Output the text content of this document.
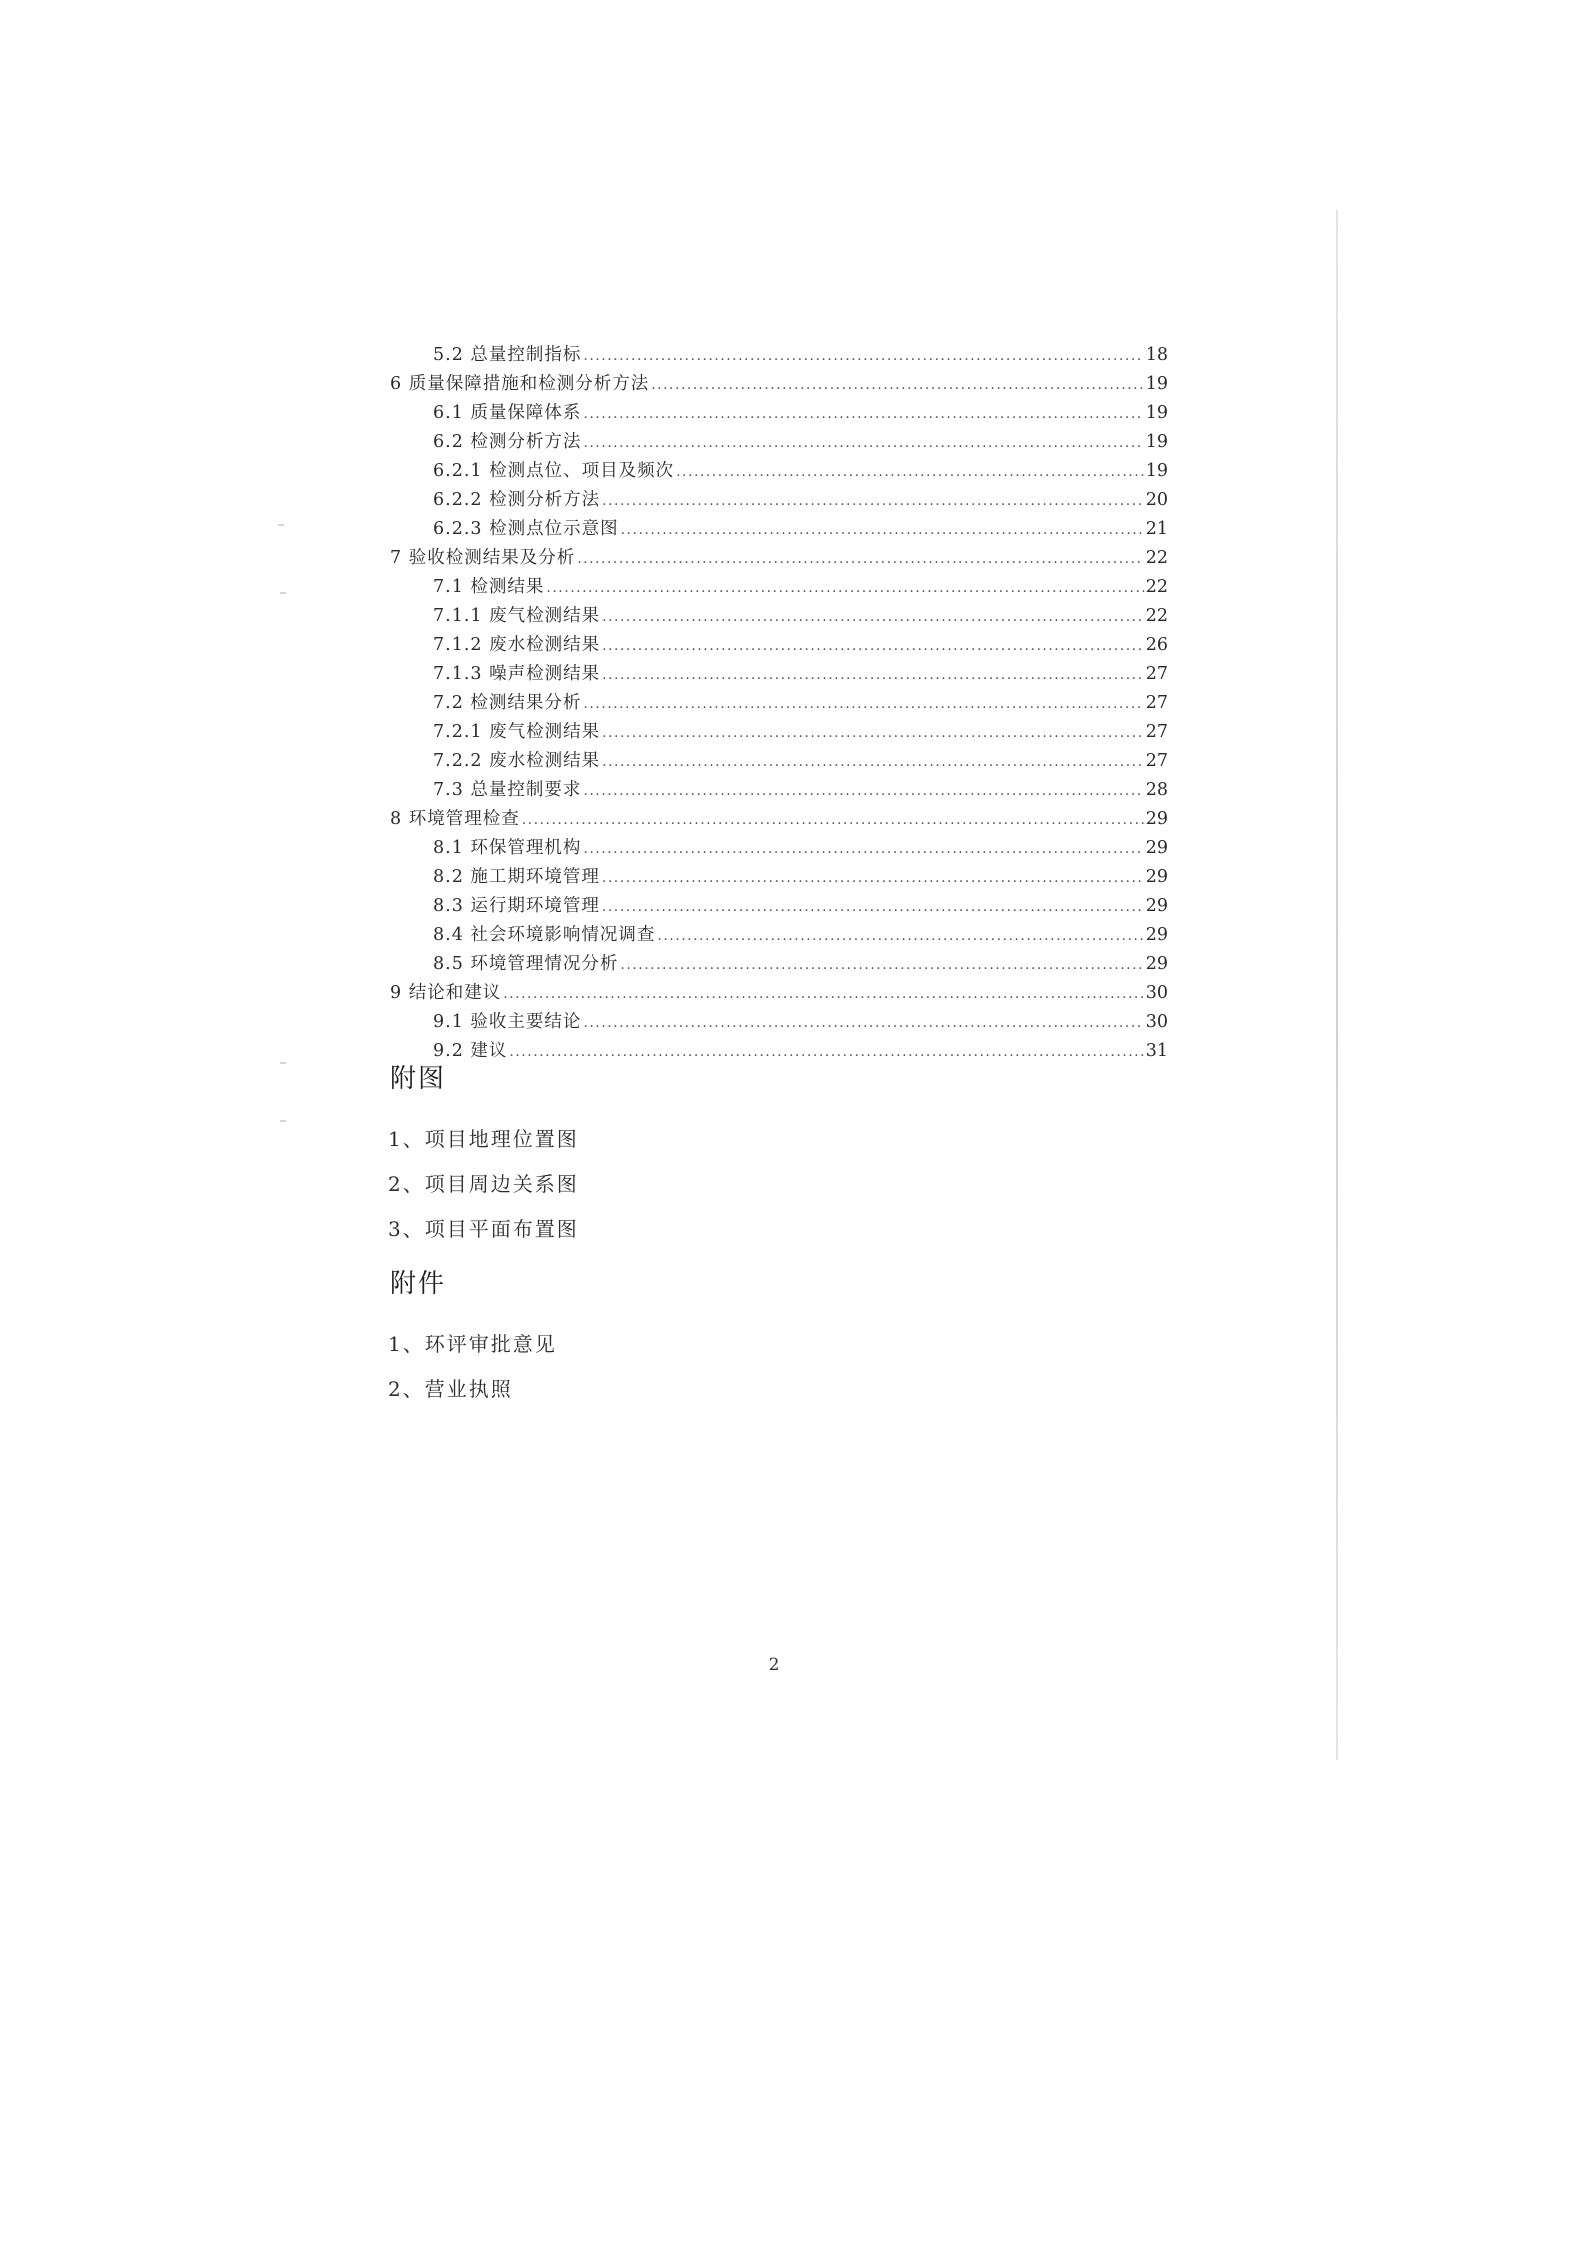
5.2 总量控制指标 .....	18
6 质量保障措施和检测分析方法 .....	19
6.1 质量保障体系 .....	19
6.2 检测分析方法 .....	19
6.2.1 检测点位、项目及频次 .....	19
6.2.2 检测分析方法 .....	20
6.2.3 检测点位示意图 .....	21
7 验收检测结果及分析 .....	22
7.1 检测结果 .....	22
7.1.1 废气检测结果 .....	22
7.1.2 废水检测结果 .....	26
7.1.3 噪声检测结果 .....	27
7.2 检测结果分析 .....	27
7.2.1 废气检测结果 .....	27
7.2.2 废水检测结果 .....	27
7.3 总量控制要求 .....	28
8 环境管理检查 .....	29
8.1 环保管理机构 .....	29
8.2 施工期环境管理 .....	29
8.3 运行期环境管理 .....	29
8.4 社会环境影响情况调查 .....	29
8.5 环境管理情况分析 .....	29
9 结论和建议 .....	30
9.1 验收主要结论 .....	30
9.2 建议 .....	31
附图
1、项目地理位置图
2、项目周边关系图
3、项目平面布置图
附件
1、环评审批意见
2、营业执照
2
